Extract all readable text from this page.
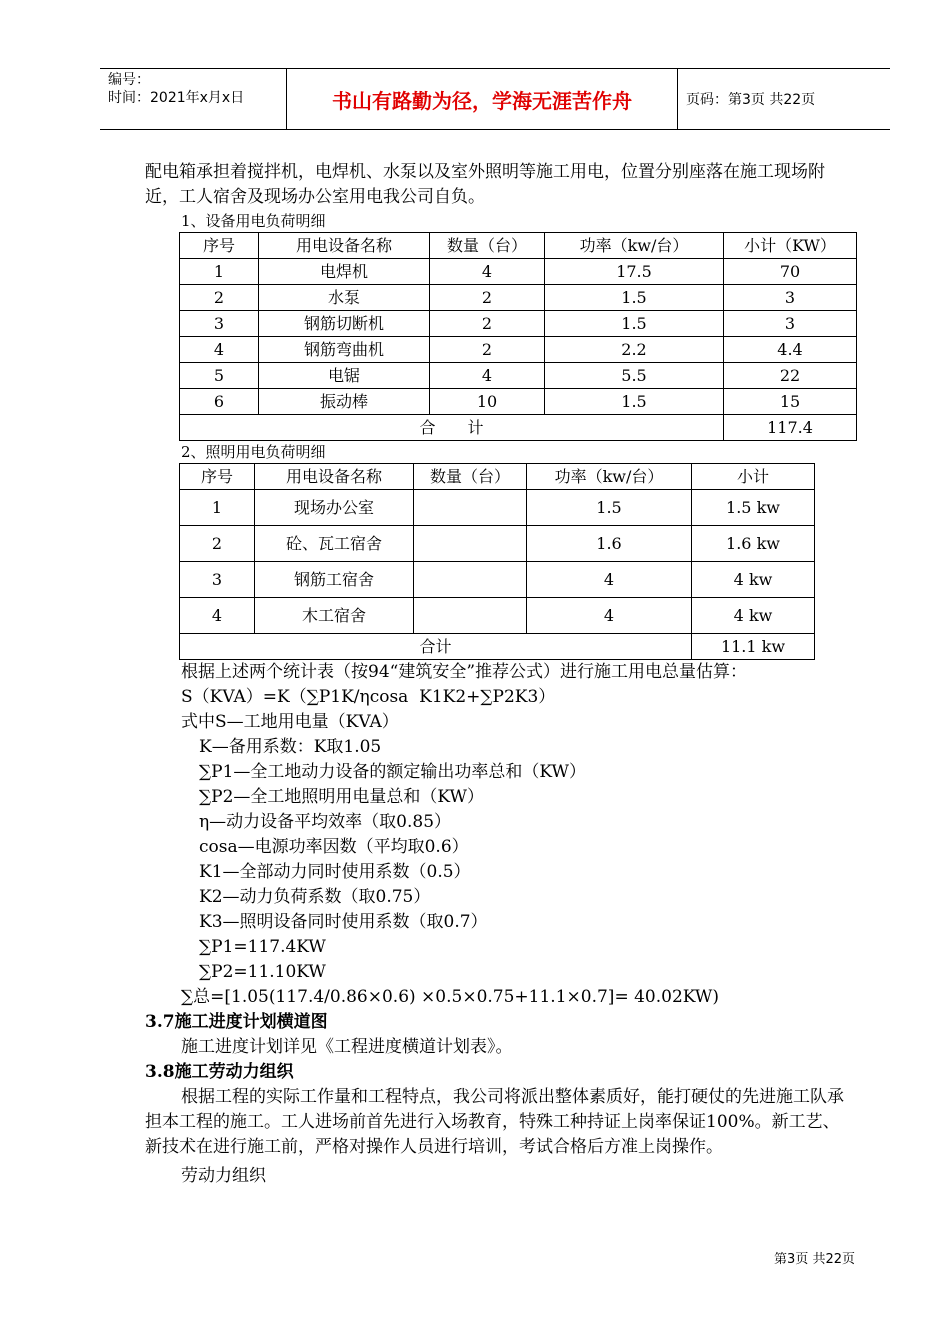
编号：
时间：2021年x月x日	书山有路勤为径，学海无涯苦作舟	页码：第3页 共22页

配电箱承担着搅拌机，电焊机、水泵以及室外照明等施工用电，位置分别座落在施工现场附近，工人宿舍及现场办公室用电我公司自负。

1、设备用电负荷明细
序号	用电设备名称	数量（台）	功率（kw/台）	小计（KW）
1	电焊机	4	17.5	70
2	水泵	2	1.5	3
3	钢筋切断机	2	1.5	3
4	钢筋弯曲机	2	2.2	4.4
5	电锯	4	5.5	22
6	振动棒	10	1.5	15
合　　计				117.4
2、照明用电负荷明细
序号	用电设备名称	数量（台）	功率（kw/台）	小计
1	现场办公室		1.5	1.5 kw
2	砼、瓦工宿舍		1.6	1.6 kw
3	钢筋工宿舍		4	4 kw
4	木工宿舍		4	4 kw
合计				11.1 kw
根据上述两个统计表（按94“建筑安全”推荐公式）进行施工用电总量估算：
S（KVA）=K（∑P1K/ηcosa  K1K2+∑P2K3）
式中S—工地用电量（KVA）
K—备用系数：K取1.05
∑P1—全工地动力设备的额定输出功率总和（KW）
∑P2—全工地照明用电量总和（KW）
η—动力设备平均效率（取0.85）
cosa—电源功率因数（平均取0.6）
K1—全部动力同时使用系数（0.5）
K2—动力负荷系数（取0.75）
K3—照明设备同时使用系数（取0.7）
∑P1=117.4KW
∑P2=11.10KW
∑总=[1.05(117.4/0.86×0.6) ×0.5×0.75+11.1×0.7]= 40.02KW)

3.7施工进度计划横道图

施工进度计划详见《工程进度横道计划表》。

3.8施工劳动力组织

根据工程的实际工作量和工程特点，我公司将派出整体素质好，能打硬仗的先进施工队承担本工程的施工。工人进场前首先进行入场教育，特殊工种持证上岗率保证100%。新工艺、新技术在进行施工前，严格对操作人员进行培训，考试合格后方准上岗操作。

劳动力组织

第3页 共22页
